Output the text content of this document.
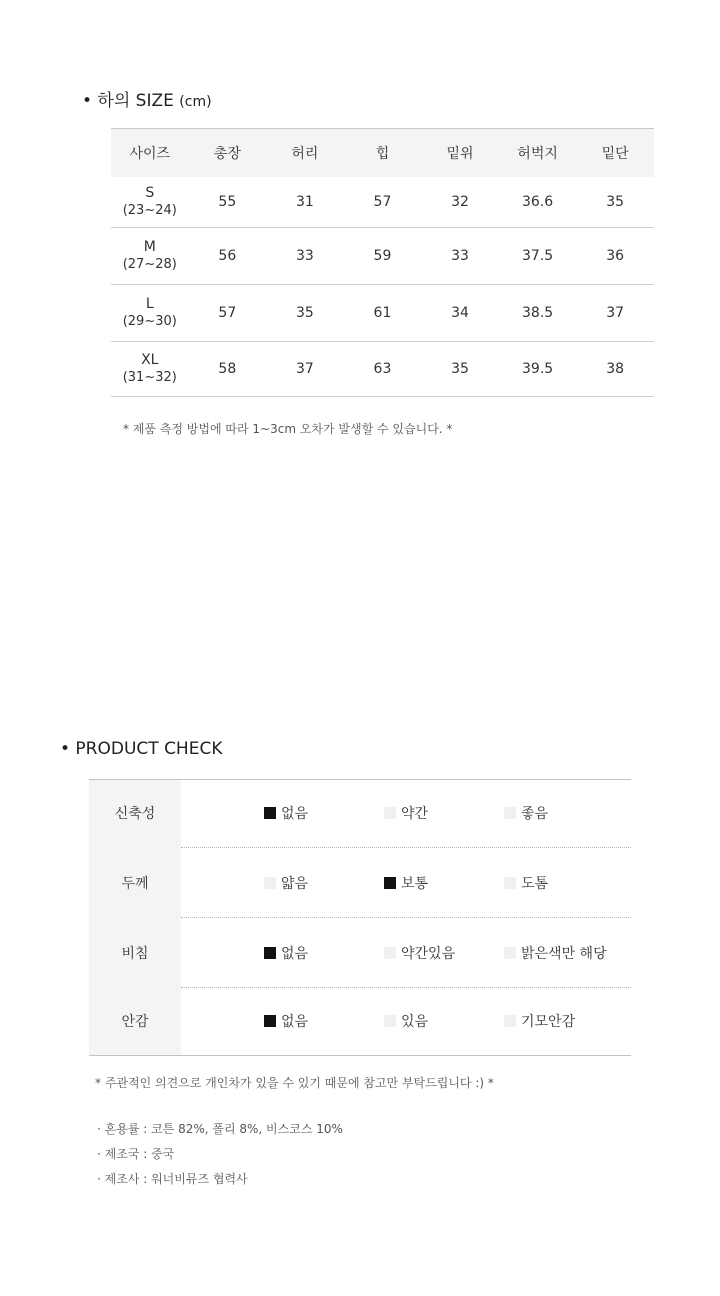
• 하의 SIZE (cm)
사이즈	총장	허리	힙	밑위	허벅지	밑단
S
(23~24)	55	31	57	32	36.6	35
M
(27~28)	56	33	59	33	37.5	36
L
(29~30)	57	35	61	34	38.5	37
XL
(31~32)	58	37	63	35	39.5	38
* 제품 측정 방법에 따라 1~3cm 오차가 발생할 수 있습니다. *
• PRODUCT CHECK
신축성	없음	약간	좋음
두께	얇음	보통	도톰
비침	없음	약간있음	밝은색만 해당
안감	없음	있음	기모안감
* 주관적인 의견으로 개인차가 있을 수 있기 때문에 참고만 부탁드립니다 :) *
· 혼용률 : 코튼 82%, 폴리 8%, 비스코스 10%
· 제조국 : 중국
· 제조사 : 워너비뮤즈 협력사
